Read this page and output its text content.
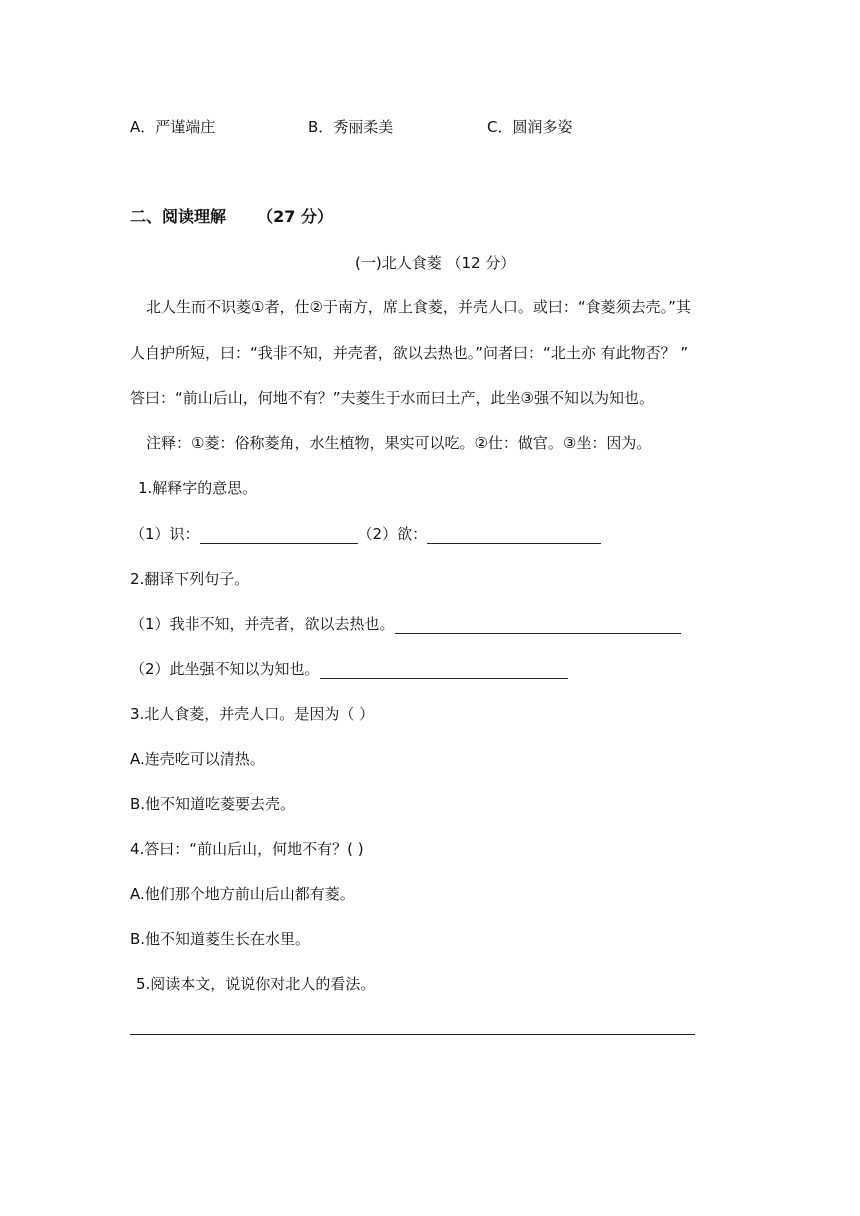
A．严谨端庄	B．秀丽柔美	C．圆润多姿
二、阅读理解 （27 分）
(一)北人食菱 （12 分）
北人生而不识菱①者，仕②于南方，席上食菱，并壳人口。或曰：“食菱须去壳。”其
人自护所短，曰：“我非不知，并壳者，欲以去热也。”问者曰：“北土亦 有此物否？ ”
答曰：“前山后山，何地不有？”夫菱生于水而曰土产，此坐③强不知以为知也。
注释：①菱：俗称菱角，水生植物，果实可以吃。②仕：做官。③坐：因为。
1.解释字的意思。
（1）识：	（2）欲：
2.翻译下列句子。
（1）我非不知，并壳者，欲以去热也。
（2）此坐强不知以为知也。
3.北人食菱，并壳人口。是因为（ ）
A.连壳吃可以清热。
B.他不知道吃菱要去壳。
4.答曰：“前山后山，何地不有？( )
A.他们那个地方前山后山都有菱。
B.他不知道菱生长在水里。
5.阅读本文，说说你对北人的看法。
